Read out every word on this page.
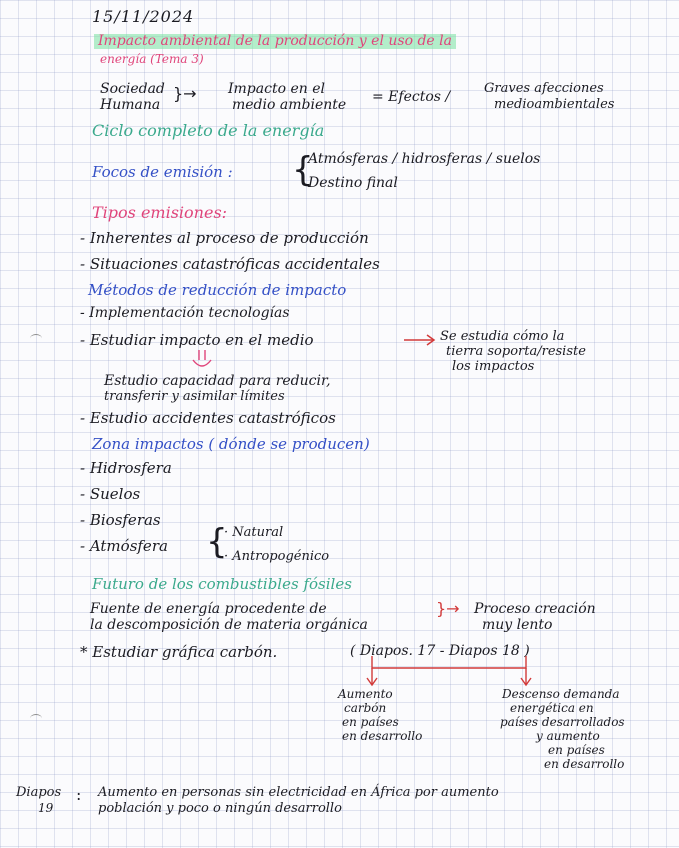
15/11/2024
Impacto ambiental de la producción y el uso de la
energía (Tema 3)
Sociedad
Humana
}→ Impacto en el
medio ambiente = Efectos /
Graves afecciones
medioambientales
Ciclo completo de la energía
Focos de emisión : {
Atmósferas / hidrosferas / suelos
Destino final
Tipos emisiones:
- Inherentes al proceso de producción
- Situaciones catastróficas accidentales
Métodos de reducción de impacto
- Implementación tecnologías
- Estudiar impacto en el medio	Se estudia cómo la
tierra soporta/resiste
los impactos
Estudio capacidad para reducir,
transferir y asimilar límites
- Estudio accidentes catastróficos
Zona impactos ( dónde se producen)
- Hidrosfera
- Suelos
- Biosferas
- Atmósfera {
· Natural
· Antropogénico
Futuro de los combustibles fósiles
Fuente de energía procedente de
la descomposición de materia orgánica
}→ Proceso creación
muy lento
* Estudiar gráfica carbón.	( Diapos. 17 - Diapos 18 )
Aumento
carbón
en países
en desarrollo
Descenso demanda
energética en
países desarrollados
y aumento
en países
en desarrollo
Diapos
19
: Aumento en personas sin electricidad en África por aumento
población y poco o ningún desarrollo
